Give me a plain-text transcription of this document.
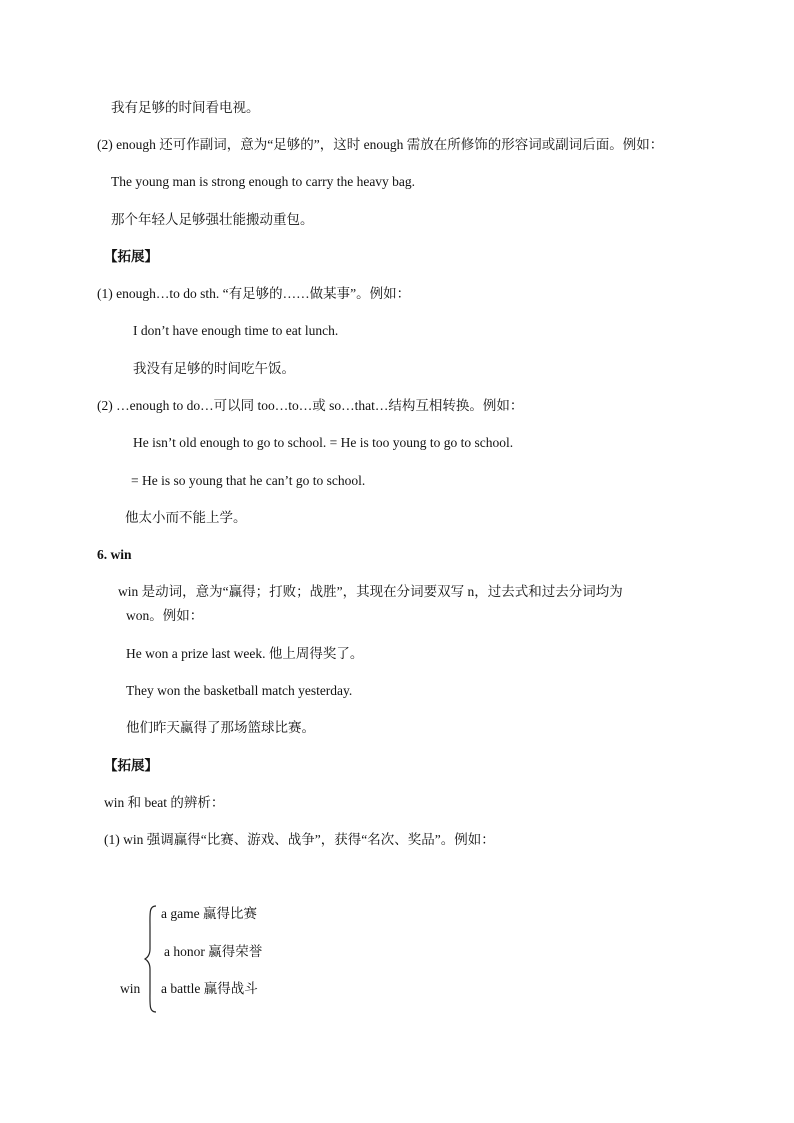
我有足够的时间看电视。
(2) enough 还可作副词，意为“足够的”，这时 enough 需放在所修饰的形容词或副词后面。例如：
The young man is strong enough to carry the heavy bag.
那个年轻人足够强壮能搬动重包。
【拓展】
(1) enough…to do sth. “有足够的……做某事”。例如：
I don’t have enough time to eat lunch.
我没有足够的时间吃午饭。
(2) …enough to do…可以同 too…to…或 so…that…结构互相转换。例如：
He isn’t old enough to go to school. = He is too young to go to school.
= He is so young that he can’t go to school.
他太小而不能上学。
6. win
win 是动词，意为“赢得；打败；战胜”，其现在分词要双写 n，过去式和过去分词均为
won。例如：
He won a prize last week. 他上周得奖了。
They won the basketball match yesterday.
他们昨天赢得了那场篮球比赛。
【拓展】
win 和 beat 的辨析：
(1) win 强调赢得“比赛、游戏、战争”，获得“名次、奖品”。例如：
win
a game 赢得比赛
a honor 赢得荣誉
a battle 赢得战斗
